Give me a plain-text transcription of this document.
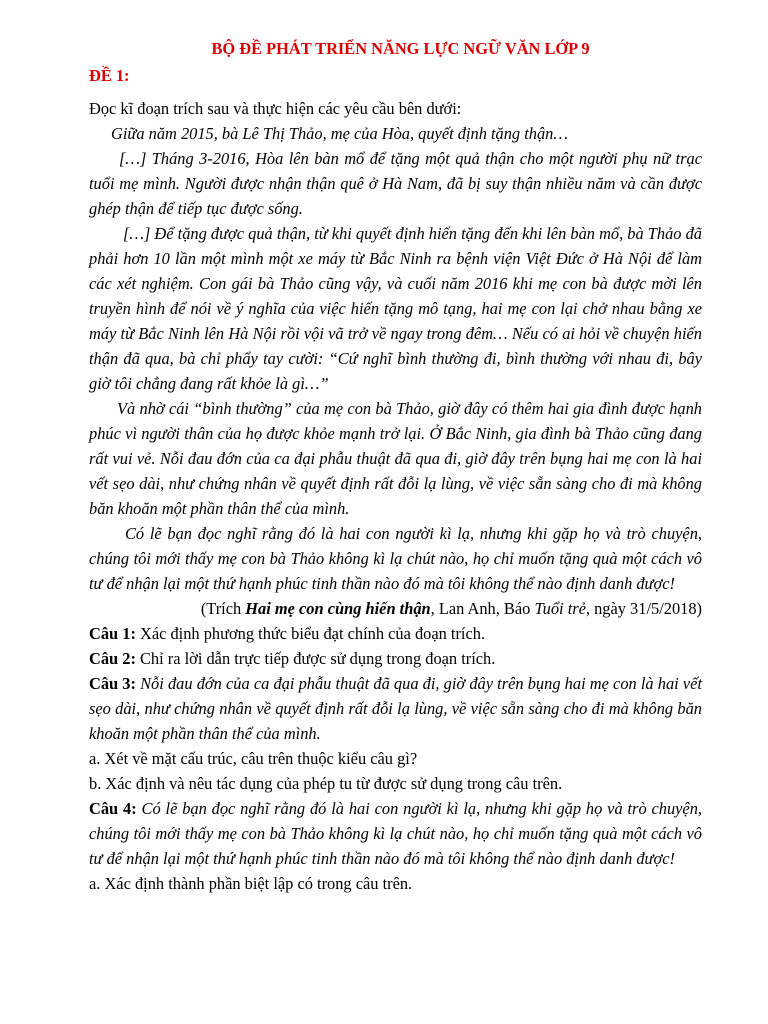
BỘ ĐỀ PHÁT TRIỂN NĂNG LỰC NGỮ VĂN LỚP 9

ĐỀ 1:

Đọc kĩ đoạn trích sau và thực hiện các yêu cầu bên dưới:

Giữa năm 2015, bà Lê Thị Thảo, mẹ của Hòa, quyết định tặng thận…

[…] Tháng 3-2016, Hòa lên bàn mổ để tặng một quả thận cho một người phụ nữ trạc tuổi mẹ mình. Người được nhận thận quê ở Hà Nam, đã bị suy thận nhiều năm và cần được ghép thận để tiếp tục được sống.

[…] Để tặng được quả thận, từ khi quyết định hiến tặng đến khi lên bàn mổ, bà Thảo đã phải hơn 10 lần một mình một xe máy từ Bắc Ninh ra bệnh viện Việt Đức ở Hà Nội để làm các xét nghiệm. Con gái bà Thảo cũng vậy, và cuối năm 2016 khi mẹ con bà được mời lên truyền hình để nói về ý nghĩa của việc hiến tặng mô tạng, hai mẹ con lại chở nhau bằng xe máy từ Bắc Ninh lên Hà Nội rồi vội vã trở về ngay trong đêm… Nếu có ai hỏi về chuyện hiến thận đã qua, bà chỉ phẩy tay cười: “Cứ nghĩ bình thường đi, bình thường với nhau đi, bây giờ tôi chẳng đang rất khỏe là gì…”

Và nhờ cái “bình thường” của mẹ con bà Thảo, giờ đây có thêm hai gia đình được hạnh phúc vì người thân của họ được khỏe mạnh trở lại. Ở Bắc Ninh, gia đình bà Thảo cũng đang rất vui vẻ. Nỗi đau đớn của ca đại phẫu thuật đã qua đi, giờ đây trên bụng hai mẹ con là hai vết sẹo dài, như chứng nhân về quyết định rất đỗi lạ lùng, về việc sẵn sàng cho đi mà không băn khoăn một phần thân thể của mình.

Có lẽ bạn đọc nghĩ rằng đó là hai con người kì lạ, nhưng khi gặp họ và trò chuyện, chúng tôi mới thấy mẹ con bà Thảo không kì lạ chút nào, họ chỉ muốn tặng quà một cách vô tư để nhận lại một thứ hạnh phúc tinh thần nào đó mà tôi không thể nào định danh được!

(Trích Hai mẹ con cùng hiến thận, Lan Anh, Báo Tuổi trẻ, ngày 31/5/2018)

Câu 1: Xác định phương thức biểu đạt chính của đoạn trích.

Câu 2: Chỉ ra lời dẫn trực tiếp được sử dụng trong đoạn trích.

Câu 3: Nỗi đau đớn của ca đại phẫu thuật đã qua đi, giờ đây trên bụng hai mẹ con là hai vết sẹo dài, như chứng nhân về quyết định rất đỗi lạ lùng, về việc sẵn sàng cho đi mà không băn khoăn một phần thân thể của mình.

a. Xét về mặt cấu trúc, câu trên thuộc kiểu câu gì?

b. Xác định và nêu tác dụng của phép tu từ được sử dụng trong câu trên.

Câu 4: Có lẽ bạn đọc nghĩ rằng đó là hai con người kì lạ, nhưng khi gặp họ và trò chuyện, chúng tôi mới thấy mẹ con bà Thảo không kì lạ chút nào, họ chỉ muốn tặng quà một cách vô tư để nhận lại một thứ hạnh phúc tinh thần nào đó mà tôi không thể nào định danh được!

a. Xác định thành phần biệt lập có trong câu trên.
